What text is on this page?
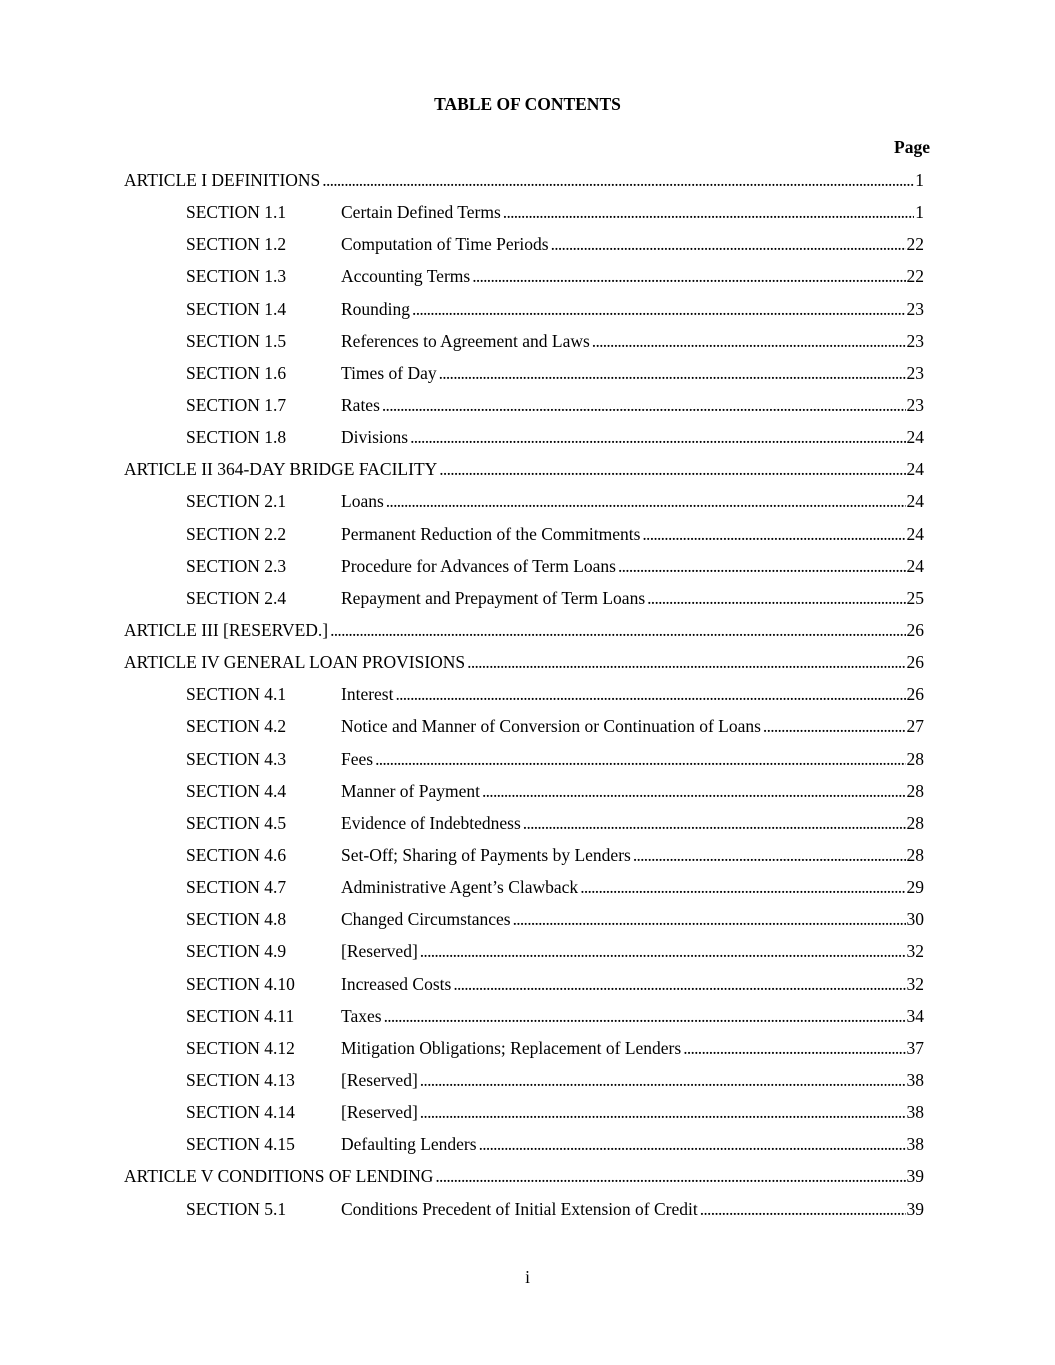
TABLE OF CONTENTS
Page
ARTICLE I DEFINITIONS . . .	1
SECTION 1.1	Certain Defined Terms . . .	1
SECTION 1.2	Computation of Time Periods . . .	22
SECTION 1.3	Accounting Terms . . .	22
SECTION 1.4	Rounding . . .	23
SECTION 1.5	References to Agreement and Laws . . .	23
SECTION 1.6	Times of Day . . .	23
SECTION 1.7	Rates . . .	23
SECTION 1.8	Divisions . . .	24
ARTICLE II 364-DAY BRIDGE FACILITY . . .	24
SECTION 2.1	Loans . . .	24
SECTION 2.2	Permanent Reduction of the Commitments . . .	24
SECTION 2.3	Procedure for Advances of Term Loans . . .	24
SECTION 2.4	Repayment and Prepayment of Term Loans . . .	25
ARTICLE III [RESERVED.] . . .	26
ARTICLE IV GENERAL LOAN PROVISIONS . . .	26
SECTION 4.1	Interest . . .	26
SECTION 4.2	Notice and Manner of Conversion or Continuation of Loans . . .	27
SECTION 4.3	Fees . . .	28
SECTION 4.4	Manner of Payment . . .	28
SECTION 4.5	Evidence of Indebtedness . . .	28
SECTION 4.6	Set-Off; Sharing of Payments by Lenders . . .	28
SECTION 4.7	Administrative Agent’s Clawback . . .	29
SECTION 4.8	Changed Circumstances . . .	30
SECTION 4.9	[Reserved] . . .	32
SECTION 4.10	Increased Costs . . .	32
SECTION 4.11	Taxes . . .	34
SECTION 4.12	Mitigation Obligations; Replacement of Lenders . . .	37
SECTION 4.13	[Reserved] . . .	38
SECTION 4.14	[Reserved] . . .	38
SECTION 4.15	Defaulting Lenders . . .	38
ARTICLE V CONDITIONS OF LENDING . . .	39
SECTION 5.1	Conditions Precedent of Initial Extension of Credit . . .	39
i
